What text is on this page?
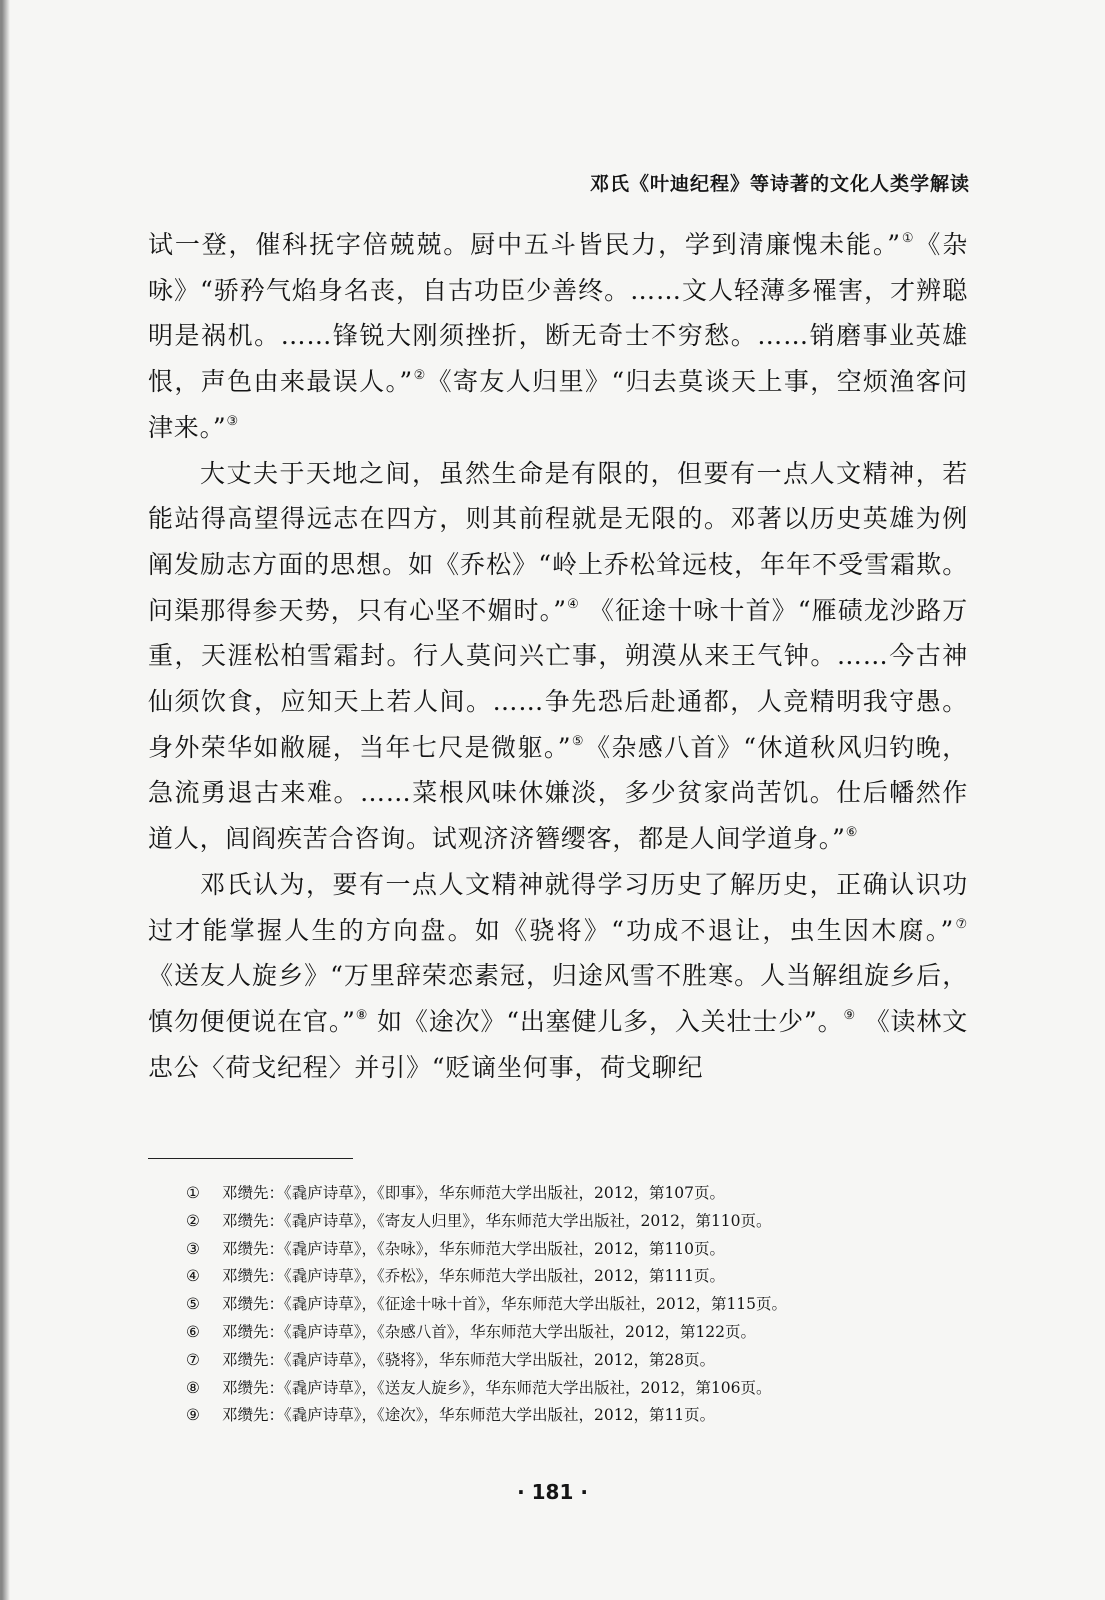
邓氏《叶迪纪程》等诗著的文化人类学解读

试一登，催科抚字倍兢兢。厨中五斗皆民力，学到清廉愧未能。”①《杂咏》“骄矜气焰身名丧，自古功臣少善终。……文人轻薄多罹害，才辨聪明是祸机。……锋锐大刚须挫折，断无奇士不穷愁。……销磨事业英雄恨，声色由来最误人。”②《寄友人归里》“归去莫谈天上事，空烦渔客问津来。”③

大丈夫于天地之间，虽然生命是有限的，但要有一点人文精神，若能站得高望得远志在四方，则其前程就是无限的。邓著以历史英雄为例阐发励志方面的思想。如《乔松》“岭上乔松耸远枝，年年不受雪霜欺。问渠那得参天势，只有心坚不媚时。”④ 《征途十咏十首》“雁碛龙沙路万重，天涯松柏雪霜封。行人莫问兴亡事，朔漠从来王气钟。……今古神仙须饮食，应知天上若人间。……争先恐后赴通都，人竞精明我守愚。身外荣华如敝屣，当年七尺是微躯。”⑤《杂感八首》“休道秋风归钓晚，急流勇退古来难。……菜根风味休嫌淡，多少贫家尚苦饥。仕后幡然作道人，闾阎疾苦合咨询。试观济济簪缨客，都是人间学道身。”⑥

邓氏认为，要有一点人文精神就得学习历史了解历史，正确认识功过才能掌握人生的方向盘。如《骁将》“功成不退让，虫生因木腐。”⑦《送友人旋乡》“万里辞荣恋素冠，归途风雪不胜寒。人当解组旋乡后，慎勿便便说在官。”⑧ 如《途次》“出塞健儿多，入关壮士少”。⑨ 《读林文忠公〈荷戈纪程〉并引》“贬谪坐何事，荷戈聊纪

① 邓缵先：《毳庐诗草》，《即事》，华东师范大学出版社，2012，第107页。
② 邓缵先：《毳庐诗草》，《寄友人归里》，华东师范大学出版社，2012，第110页。
③ 邓缵先：《毳庐诗草》，《杂咏》，华东师范大学出版社，2012，第110页。
④ 邓缵先：《毳庐诗草》，《乔松》，华东师范大学出版社，2012，第111页。
⑤ 邓缵先：《毳庐诗草》，《征途十咏十首》，华东师范大学出版社，2012，第115页。
⑥ 邓缵先：《毳庐诗草》，《杂感八首》，华东师范大学出版社，2012，第122页。
⑦ 邓缵先：《毳庐诗草》，《骁将》，华东师范大学出版社，2012，第28页。
⑧ 邓缵先：《毳庐诗草》，《送友人旋乡》，华东师范大学出版社，2012，第106页。
⑨ 邓缵先：《毳庐诗草》，《途次》，华东师范大学出版社，2012，第11页。
· 181 ·
